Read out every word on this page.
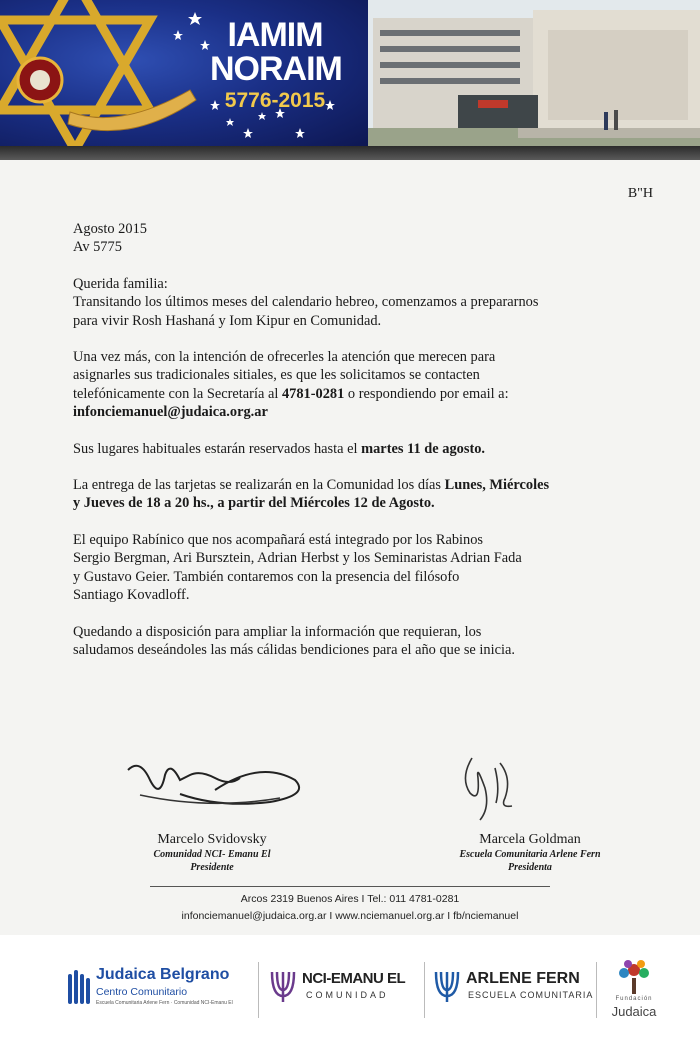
IAMIM
NORAIM
5776-2015
B"H

Agosto 2015
Av 5775

Querida familia:
Transitando los últimos meses del calendario hebreo, comenzamos a prepararnos
para vivir Rosh Hashaná y Iom Kipur en Comunidad.

Una vez más, con la intención de ofrecerles la atención que merecen para
asignarles sus tradicionales sitiales, es que les solicitamos se contacten
telefónicamente con la Secretaría al 4781-0281 o respondiendo por email a:
infonciemanuel@judaica.org.ar

Sus lugares habituales estarán reservados hasta el martes 11 de agosto.

La entrega de las tarjetas se realizarán en la Comunidad los días Lunes, Miércoles
y Jueves de 18 a 20 hs., a partir del Miércoles 12 de Agosto.

El equipo Rabínico que nos acompañará está integrado por los Rabinos
Sergio Bergman, Ari Bursztein, Adrian Herbst y los Seminaristas Adrian Fada
y Gustavo Geier. También contaremos con la presencia del filósofo
Santiago Kovadloff.

Quedando a disposición para ampliar la información que requieran, los
saludamos deseándoles las más cálidas bendiciones para el año que se inicia.

Marcelo Svidovsky
Comunidad NCI- Emanu El
Presidente
Marcela Goldman
Escuela Comunitaria Arlene Fern
Presidenta
Arcos 2319 Buenos Aires I Tel.: 011 4781-0281
infonciemanuel@judaica.org.ar I www.nciemanuel.org.ar I fb/nciemanuel
Judaica Belgrano
Centro Comunitario
Escuela Comunitaria Arlene Fern · Comunidad NCI-Emanu El
NCI-EMANU EL
COMUNIDAD
ARLENE FERN
ESCUELA COMUNITARIA	Fundación
Judaica
